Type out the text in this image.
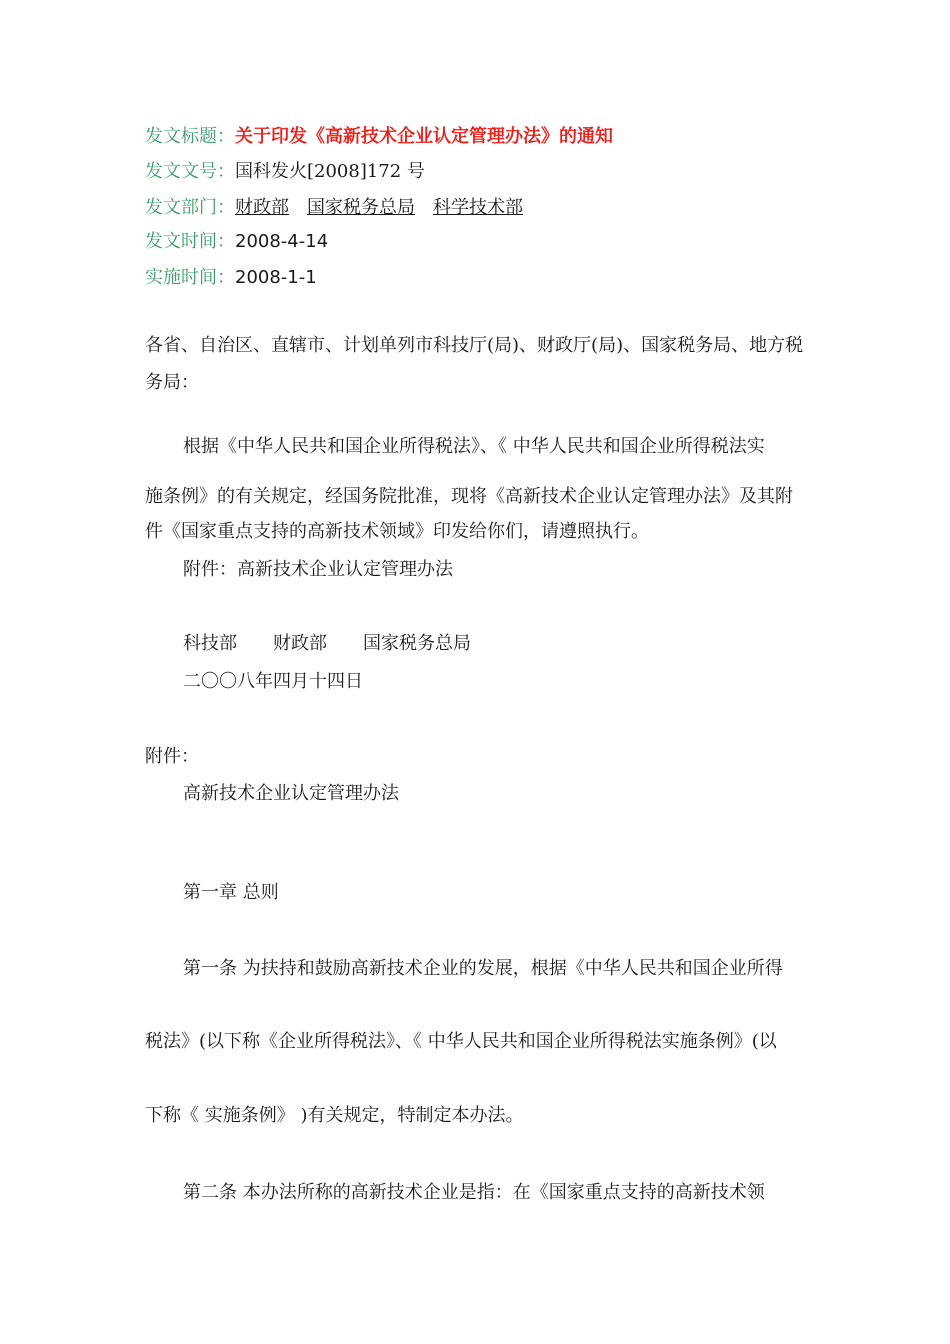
发文标题：关于印发《高新技术企业认定管理办法》的通知
发文文号：国科发火[2008]172 号
发文部门：财政部 国家税务总局 科学技术部
发文时间：2008-4-14
实施时间：2008-1-1
各省、自治区、直辖市、计划单列市科技厅(局)、财政厅(局)、国家税务局、地方税
务局：
根据《中华人民共和国企业所得税法》、《 中华人民共和国企业所得税法实
施条例》的有关规定，经国务院批准，现将《高新技术企业认定管理办法》及其附
件《国家重点支持的高新技术领域》印发给你们，请遵照执行。
附件：高新技术企业认定管理办法
科技部 财政部 国家税务总局
二〇〇八年四月十四日
附件：
高新技术企业认定管理办法
第一章 总则
第一条 为扶持和鼓励高新技术企业的发展，根据《中华人民共和国企业所得
税法》(以下称《企业所得税法》、《 中华人民共和国企业所得税法实施条例》(以
下称《 实施条例》 )有关规定，特制定本办法。
第二条 本办法所称的高新技术企业是指：在《国家重点支持的高新技术领
